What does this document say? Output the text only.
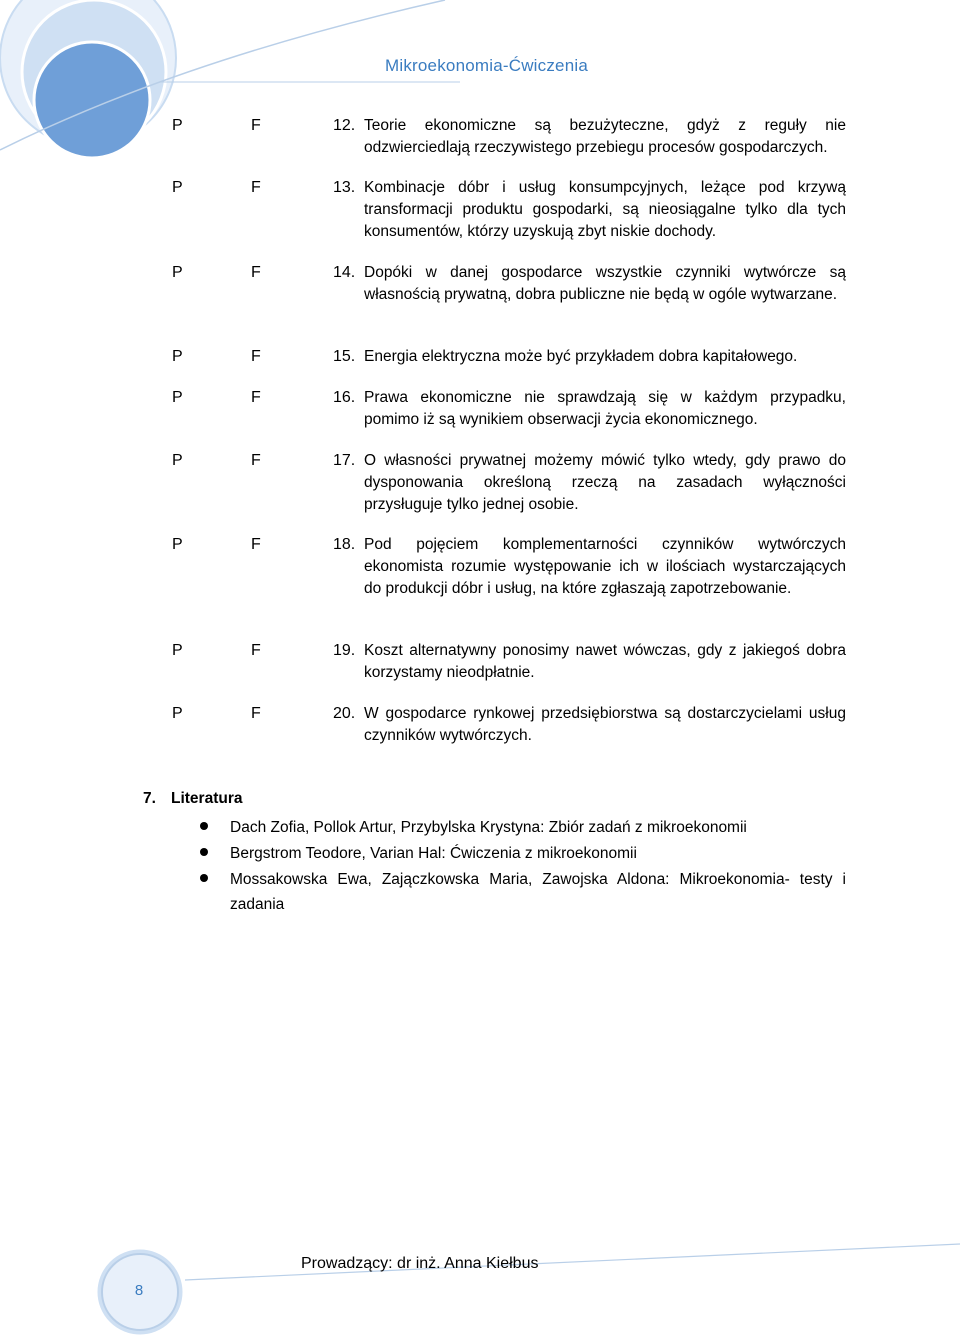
Mikroekonomia-Ćwiczenia
P	F	12. Teorie ekonomiczne są bezużyteczne, gdyż z reguły nie odzwierciedlają rzeczywistego przebiegu procesów gospodarczych.
P	F	13. Kombinacje dóbr i usług konsumpcyjnych, leżące pod krzywą transformacji produktu gospodarki, są nieosiągalne tylko dla tych konsumentów, którzy uzyskują zbyt niskie dochody.
P	F	14. Dopóki w danej gospodarce wszystkie czynniki wytwórcze są własnością prywatną, dobra publiczne nie będą w ogóle wytwarzane.
P	F	15. Energia elektryczna może być przykładem dobra kapitałowego.
P	F	16. Prawa ekonomiczne nie sprawdzają się w każdym przypadku, pomimo iż są wynikiem obserwacji życia ekonomicznego.
P	F	17. O własności prywatnej możemy mówić tylko wtedy, gdy prawo do dysponowania określoną rzeczą na zasadach wyłączności przysługuje tylko jednej osobie.
P	F	18. Pod pojęciem komplementarności czynników wytwórczych ekonomista rozumie występowanie ich w ilościach wystarczających do produkcji dóbr i usług, na które zgłaszają zapotrzebowanie.
P	F	19. Koszt alternatywny ponosimy nawet wówczas, gdy z jakiegoś dobra korzystamy nieodpłatnie.
P	F	20. W gospodarce rynkowej przedsiębiorstwa są dostarczycielami usług czynników wytwórczych.
7. Literatura
Dach Zofia, Pollok Artur, Przybylska Krystyna: Zbiór zadań z mikroekonomii
Bergstrom Teodore, Varian Hal: Ćwiczenia z mikroekonomii
Mossakowska Ewa, Zajączkowska Maria, Zawojska Aldona: Mikroekonomia- testy i zadania
Prowadzący: dr inż. Anna Kiełbus
8
